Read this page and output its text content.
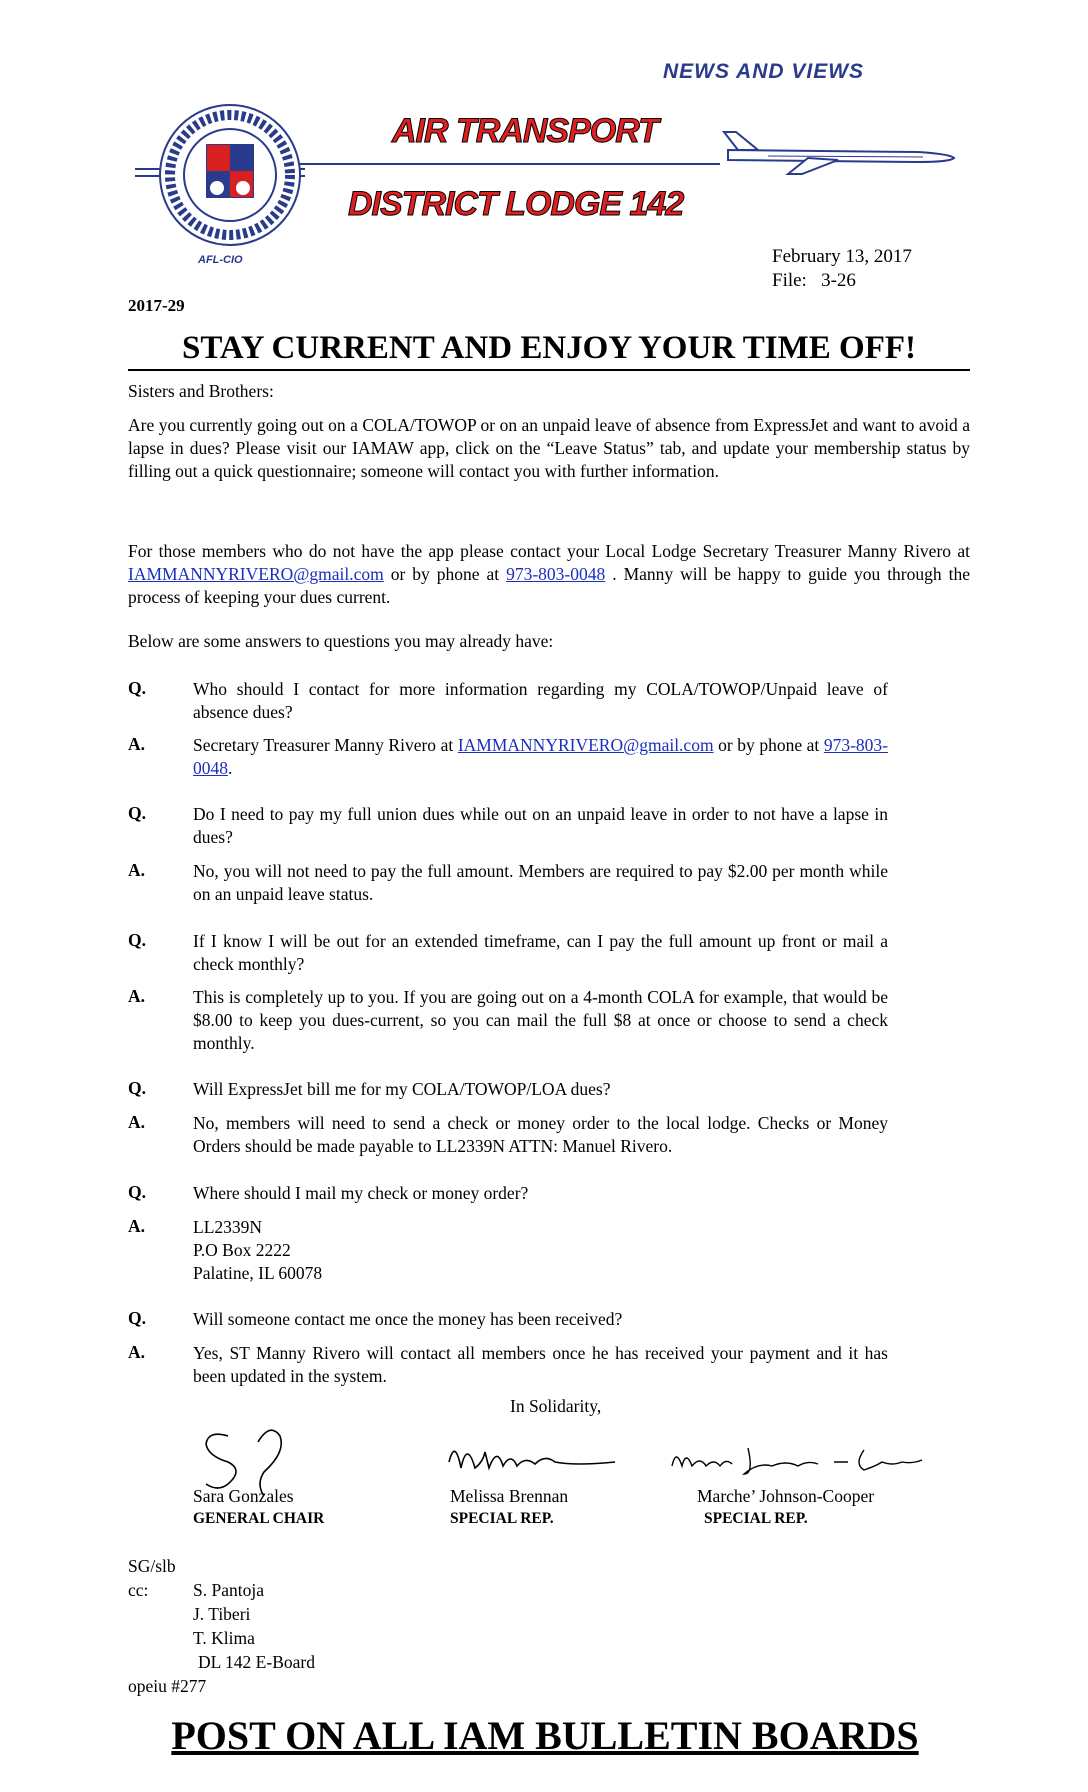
NEWS AND VIEWS
AIR TRANSPORT
DISTRICT LODGE 142
AFL-CIO	February 13, 2017
File:   3-26
2017-29
STAY CURRENT AND ENJOY YOUR TIME OFF!
Sisters and Brothers:
Are you currently going out on a COLA/TOWOP or on an unpaid leave of absence from ExpressJet and want to avoid a lapse in dues? Please visit our IAMAW app, click on the “Leave Status” tab, and update your membership status by filling out a quick questionnaire; someone will contact you with further information.
For those members who do not have the app please contact your Local Lodge Secretary Treasurer Manny Rivero at IAMMANNYRIVERO@gmail.com or by phone at 973-803-0048 . Manny will be happy to guide you through the process of keeping your dues current.
Below are some answers to questions you may already have:
Q.	Who should I contact for more information regarding my COLA/TOWOP/Unpaid leave of absence dues?
A.	Secretary Treasurer Manny Rivero at IAMMANNYRIVERO@gmail.com or by phone at 973-803-0048.
Q.	Do I need to pay my full union dues while out on an unpaid leave in order to not have a lapse in dues?
A.	No, you will not need to pay the full amount. Members are required to pay $2.00 per month while on an unpaid leave status.
Q.	If I know I will be out for an extended timeframe, can I pay the full amount up front or mail a check monthly?
A.	This is completely up to you. If you are going out on a 4-month COLA for example, that would be $8.00 to keep you dues-current, so you can mail the full $8 at once or choose to send a check monthly.
Q.	Will ExpressJet bill me for my COLA/TOWOP/LOA dues?
A.	No, members will need to send a check or money order to the local lodge. Checks or Money Orders should be made payable to LL2339N ATTN: Manuel Rivero.
Q.	Where should I mail my check or money order?
A.	LL2339N
P.O Box 2222
Palatine, IL 60078
Q.	Will someone contact me once the money has been received?
A.	Yes, ST Manny Rivero will contact all members once he has received your payment and it has been updated in the system.
In Solidarity,
Sara Gonzales
GENERAL CHAIR
Melissa Brennan
SPECIAL REP.
Marche’ Johnson-Cooper
SPECIAL REP.
SG/slb
cc:	S. Pantoja
J. Tiberi
T. Klima
DL 142 E-Board
opeiu #277
POST ON ALL IAM BULLETIN BOARDS
